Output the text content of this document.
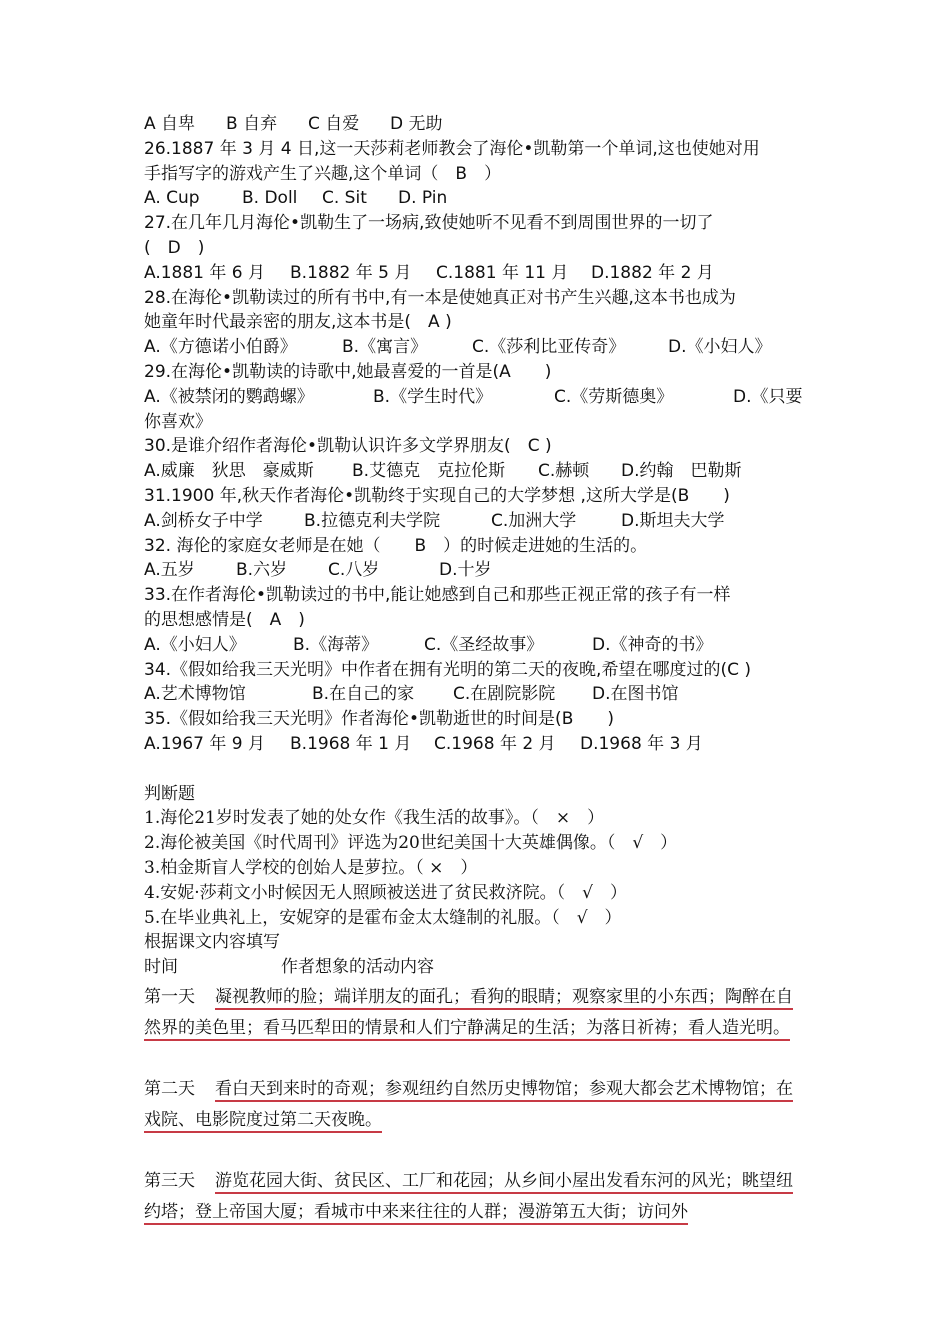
A 自卑 B 自弃 C 自爱 D 无助
26.1887 年 3 月 4 日,这一天莎莉老师教会了海伦•凯勒第一个单词,这也使她对用
手指写字的游戏产生了兴趣,这个单词（　B　）
A. Cup B. Doll C. Sit D. Pin
27.在几年几月海伦•凯勒生了一场病,致使她听不见看不到周围世界的一切了
(　D　)
A.1881 年 6 月 B.1882 年 5 月 C.1881 年 11 月 D.1882 年 2 月
28.在海伦•凯勒读过的所有书中,有一本是使她真正对书产生兴趣,这本书也成为
她童年时代最亲密的朋友,这本书是(　A )
A.《方德诺小伯爵》	B.《寓言》	C.《莎利比亚传奇》	D.《小妇人》
29.在海伦•凯勒读的诗歌中,她最喜爱的一首是(A　　)
A.《被禁闭的鹦鹉螺》	B.《学生时代》	C.《劳斯德奥》	D.《只要
你喜欢》
30.是谁介绍作者海伦•凯勒认识许多文学界朋友(　C )
A.威廉　狄思　豪威斯 B.艾德克　克拉伦斯 C.赫顿 D.约翰　巴勒斯
31.1900 年,秋天作者海伦•凯勒终于实现自己的大学梦想 ,这所大学是(B　　)
A.剑桥女子中学 B.拉德克利夫学院	C.加洲大学	D.斯坦夫大学
32. 海伦的家庭女老师是在她（　　B　）的时候走进她的生活的。
A.五岁 B.六岁 C.八岁	D.十岁
33.在作者海伦•凯勒读过的书中,能让她感到自己和那些正视正常的孩子有一样
的思想感情是(　A　)
A.《小妇人》	B.《海蒂》	C.《圣经故事》	D.《神奇的书》
34.《假如给我三天光明》中作者在拥有光明的第二天的夜晚,希望在哪度过的(C )
A.艺术博物馆	B.在自己的家 C.在剧院影院 D.在图书馆
35.《假如给我三天光明》作者海伦•凯勒逝世的时间是(B　　)
A.1967 年 9 月 B.1968 年 1 月 C.1968 年 2 月 D.1968 年 3 月
判断题
1.海伦21岁时发表了她的处女作《我生活的故事》。（　×　）
2.海伦被美国《时代周刊》评选为20世纪美国十大英雄偶像。（　√　）
3.柏金斯盲人学校的创始人是萝拉。（ ×　）
4.安妮·莎莉文小时候因无人照顾被送进了贫民救济院。（　√　）
5.在毕业典礼上，安妮穿的是霍布金太太缝制的礼服。（　√　）
根据课文内容填写
时间	作者想象的活动内容
第一天 凝视教师的脸；端详朋友的面孔；看狗的眼睛；观察家里的小东西；陶醉在自然界的美色里；看马匹犁田的情景和人们宁静满足的生活；为落日祈祷；看人造光明。
第二天 看白天到来时的奇观；参观纽约自然历史博物馆；参观大都会艺术博物馆；在戏院、电影院度过第二天夜晚。
第三天 游览花园大街、贫民区、工厂和花园；从乡间小屋出发看东河的风光；眺望纽约塔；登上帝国大厦；看城市中来来往往的人群；漫游第五大街；访问外
